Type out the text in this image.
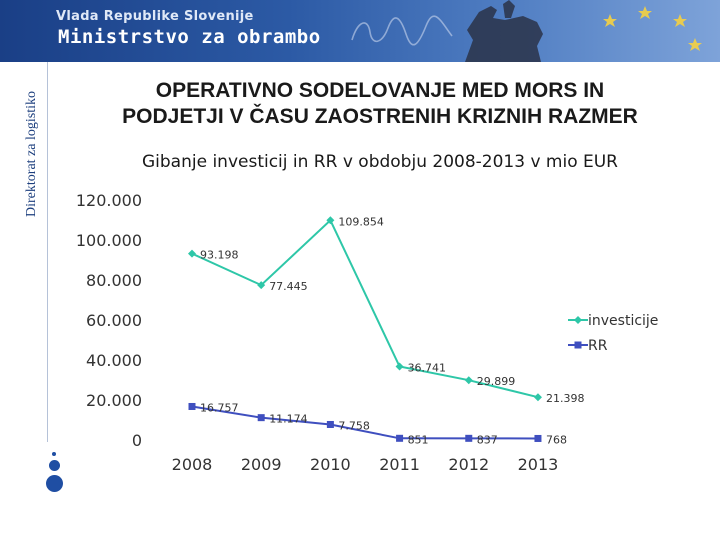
Vlada Republike Slovenije
Ministrstvo za obrambo
Direktorat za logistiko
OPERATIVNO SODELOVANJE MED MORS IN
PODJETJI V ČASU ZAOSTRENIH KRIZNIH RAZMER
Gibanje investicij in RR v obdobju 2008-2013 v mio EUR
0
20.000
40.000
60.000
80.000
100.000
120.000
2008 2009 2010 2011 2012 2013
93.198
77.445
109.854
36.741
29.899
21.398
16.757
11.174
7.758
851	837	768
investicije
RR
